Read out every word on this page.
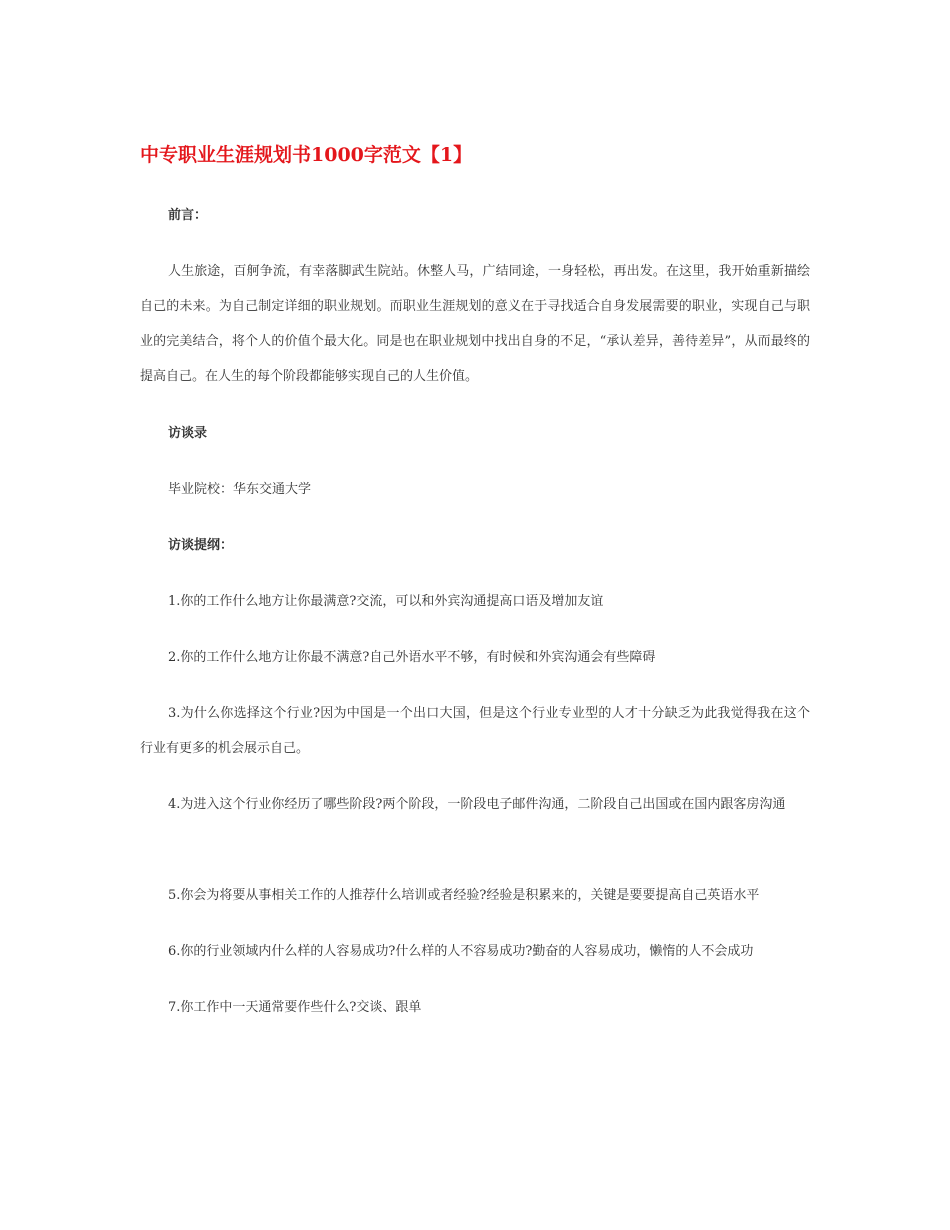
中专职业生涯规划书1000字范文【1】

前言：

人生旅途，百舸争流，有幸落脚武生院站。休整人马，广结同途，一身轻松，再出发。在这里，我开始重新描绘自己的未来。为自己制定详细的职业规划。而职业生涯规划的意义在于寻找适合自身发展需要的职业，实现自己与职业的完美结合，将个人的价值个最大化。同是也在职业规划中找出自身的不足，“承认差异，善待差异”，从而最终的提高自己。在人生的每个阶段都能够实现自己的人生价值。

访谈录

毕业院校：华东交通大学

访谈提纲：

1.你的工作什么地方让你最满意?交流，可以和外宾沟通提高口语及增加友谊

2.你的工作什么地方让你最不满意?自己外语水平不够，有时候和外宾沟通会有些障碍

3.为什么你选择这个行业?因为中国是一个出口大国，但是这个行业专业型的人才十分缺乏为此我觉得我在这个行业有更多的机会展示自己。

4.为进入这个行业你经历了哪些阶段?两个阶段，一阶段电子邮件沟通，二阶段自己出国或在国内跟客房沟通

5.你会为将要从事相关工作的人推荐什么培训或者经验?经验是积累来的，关键是要要提高自己英语水平

6.你的行业领域内什么样的人容易成功?什么样的人不容易成功?勤奋的人容易成功，懒惰的人不会成功

7.你工作中一天通常要作些什么?交谈、跟单
